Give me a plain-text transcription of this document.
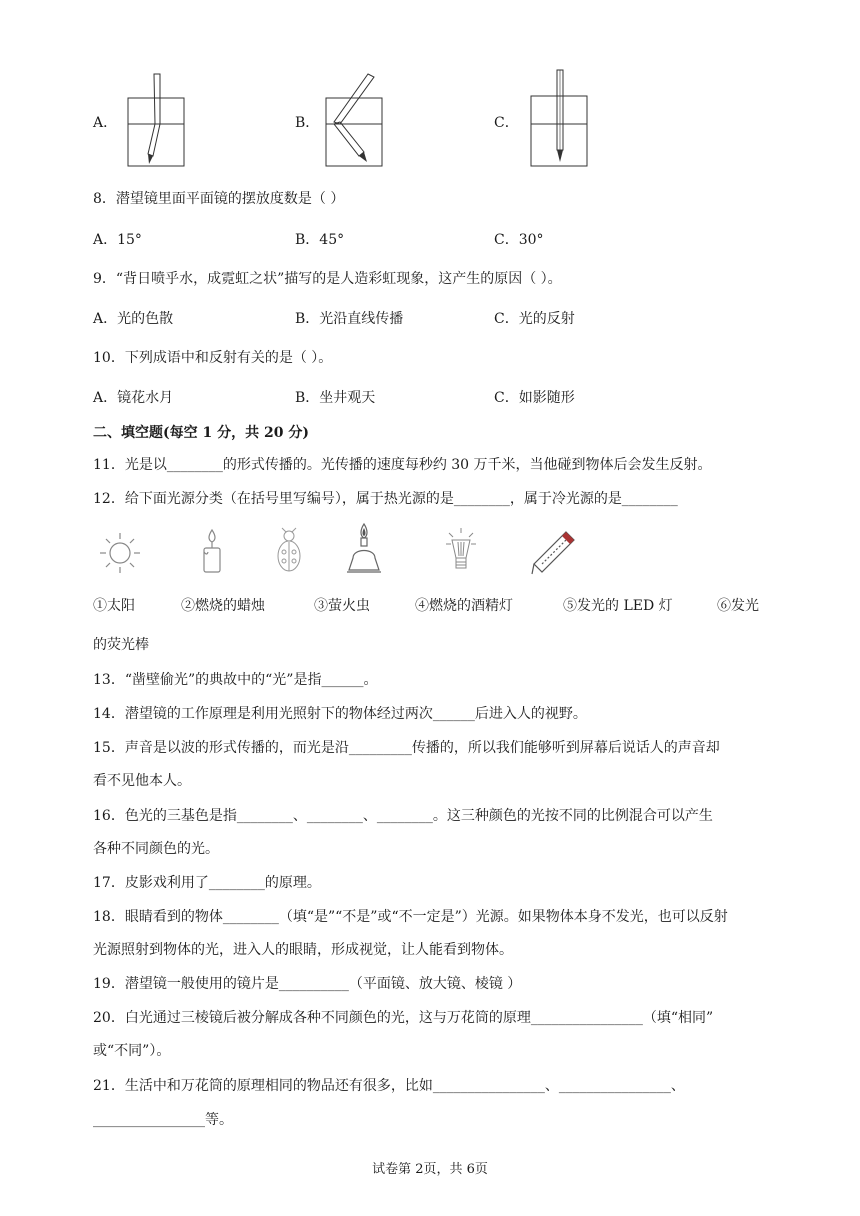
A．	B．	C．
8．潜望镜里面平面镜的摆放度数是（ ）
A．15°	B．45°	C．30°
9．“背日喷乎水，成霓虹之状”描写的是人造彩虹现象，这产生的原因（ ）。
A．光的色散	B．光沿直线传播	C．光的反射
10．下列成语中和反射有关的是（ ）。
A．镜花水月	B．坐井观天	C．如影随形
二、填空题(每空 1 分，共 20 分)
11．光是以________的形式传播的。光传播的速度每秒约 30 万千米，当他碰到物体后会发生反射。
12．给下面光源分类（在括号里写编号），属于热光源的是________，属于冷光源的是________
①太阳	②燃烧的蜡烛	③萤火虫	④燃烧的酒精灯	⑤发光的 LED 灯	⑥发光
的荧光棒
13．“凿壁偷光”的典故中的“光”是指______。
14．潜望镜的工作原理是利用光照射下的物体经过两次______后进入人的视野。
15．声音是以波的形式传播的，而光是沿_________传播的，所以我们能够听到屏幕后说话人的声音却
看不见他本人。
16．色光的三基色是指________、________、________。这三种颜色的光按不同的比例混合可以产生
各种不同颜色的光。
17．皮影戏利用了________的原理。
18．眼睛看到的物体________（填“是”“不是”或“不一定是”）光源。如果物体本身不发光，也可以反射
光源照射到物体的光，进入人的眼睛，形成视觉，让人能看到物体。
19．潜望镜一般使用的镜片是__________（平面镜、放大镜、棱镜 ）
20．白光通过三棱镜后被分解成各种不同颜色的光，这与万花筒的原理________________（填“相同”
或“不同”）。
21．生活中和万花筒的原理相同的物品还有很多，比如________________、________________、
________________等。
试卷第 2页，共 6页
